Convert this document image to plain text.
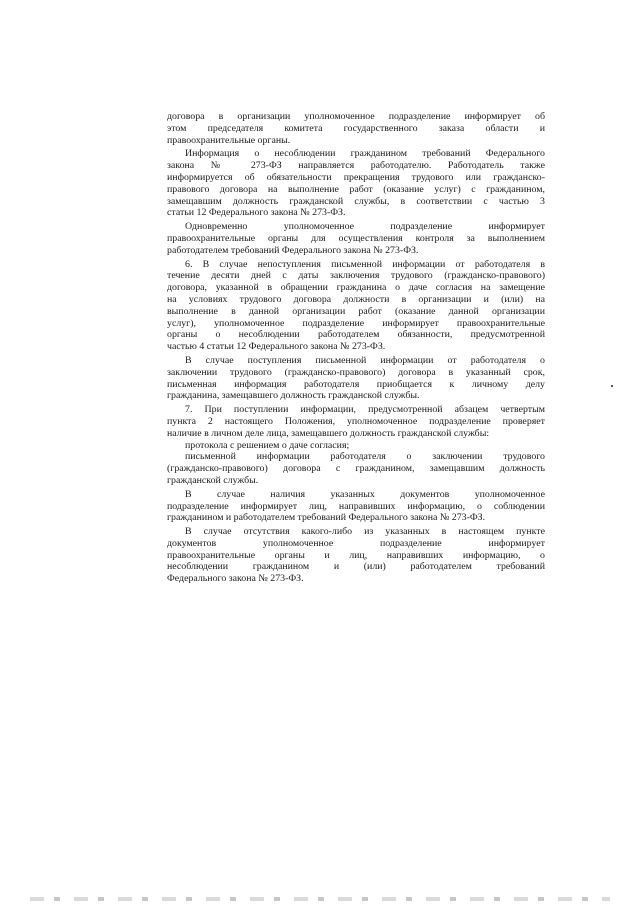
договора в организации уполномоченное подразделение информирует об
этом председателя комитета государственного заказа области и
правоохранительные органы.
Информация о несоблюдении гражданином требований Федерального
закона № 273-ФЗ направляется работодателю. Работодатель также
информируется об обязательности прекращения трудового или гражданско-
правового договора на выполнение работ (оказание услуг) с гражданином,
замещавшим должность гражданской службы, в соответствии с частью 3
статьи 12 Федерального закона № 273-ФЗ.
Одновременно уполномоченное подразделение информирует
правоохранительные органы для осуществления контроля за выполнением
работодателем требований Федерального закона № 273-ФЗ.
6. В случае непоступления письменной информации от работодателя в
течение десяти дней с даты заключения трудового (гражданско-правового)
договора, указанной в обращении гражданина о даче согласия на замещение
на условиях трудового договора должности в организации и (или) на
выполнение в данной организации работ (оказание данной организации
услуг), уполномоченное подразделение информирует правоохранительные
органы о несоблюдении работодателем обязанности, предусмотренной
частью 4 статьи 12 Федерального закона № 273-ФЗ.
В случае поступления письменной информации от работодателя о
заключении трудового (гражданско-правового) договора в указанный срок,
письменная информация работодателя приобщается к личному делу
гражданина, замещавшего должность гражданской службы.
7. При поступлении информации, предусмотренной абзацем четвертым
пункта 2 настоящего Положения, уполномоченное подразделение проверяет
наличие в личном деле лица, замещавшего должность гражданской службы:
протокола с решением о даче согласия;
письменной информации работодателя о заключении трудового
(гражданско-правового) договора с гражданином, замещавшим должность
гражданской службы.
В случае наличия указанных документов уполномоченное
подразделение информирует лиц, направивших информацию, о соблюдении
гражданином и работодателем требований Федерального закона № 273-ФЗ.
В случае отсутствия какого-либо из указанных в настоящем пункте
документов уполномоченное подразделение информирует
правоохранительные органы и лиц, направивших информацию, о
несоблюдении гражданином и (или) работодателем требований
Федерального закона № 273-ФЗ.
